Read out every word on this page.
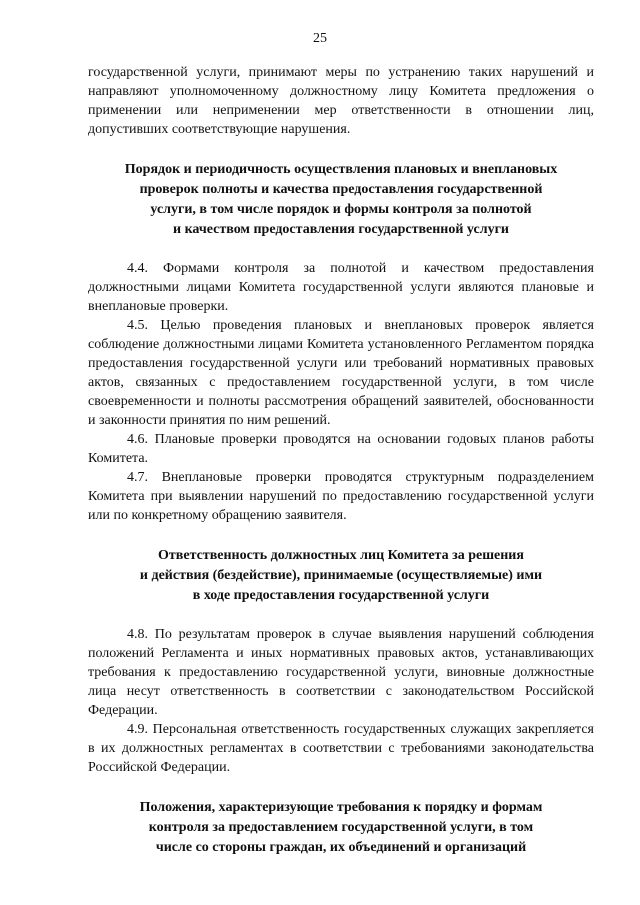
25

государственной услуги, принимают меры по устранению таких нарушений и направляют уполномоченному должностному лицу Комитета предложения о применении или неприменении мер ответственности в отношении лиц, допустивших соответствующие нарушения.

Порядок и периодичность осуществления плановых и внеплановых
проверок полноты и качества предоставления государственной
услуги, в том числе порядок и формы контроля за полнотой
и качеством предоставления государственной услуги

4.4. Формами контроля за полнотой и качеством предоставления должностными лицами Комитета государственной услуги являются плановые и внеплановые проверки.

4.5. Целью проведения плановых и внеплановых проверок является соблюдение должностными лицами Комитета установленного Регламентом порядка предоставления государственной услуги или требований нормативных правовых актов, связанных с предоставлением государственной услуги, в том числе своевременности и полноты рассмотрения обращений заявителей, обоснованности и законности принятия по ним решений.

4.6. Плановые проверки проводятся на основании годовых планов работы Комитета.

4.7. Внеплановые проверки проводятся структурным подразделением Комитета при выявлении нарушений по предоставлению государственной услуги или по конкретному обращению заявителя.

Ответственность должностных лиц Комитета за решения
и действия (бездействие), принимаемые (осуществляемые) ими
в ходе предоставления государственной услуги

4.8. По результатам проверок в случае выявления нарушений соблюдения положений Регламента и иных нормативных правовых актов, устанавливающих требования к предоставлению государственной услуги, виновные должностные лица несут ответственность в соответствии с законодательством Российской Федерации.

4.9. Персональная ответственность государственных служащих закрепляется в их должностных регламентах в соответствии с требованиями законодательства Российской Федерации.

Положения, характеризующие требования к порядку и формам
контроля за предоставлением государственной услуги, в том
числе со стороны граждан, их объединений и организаций
